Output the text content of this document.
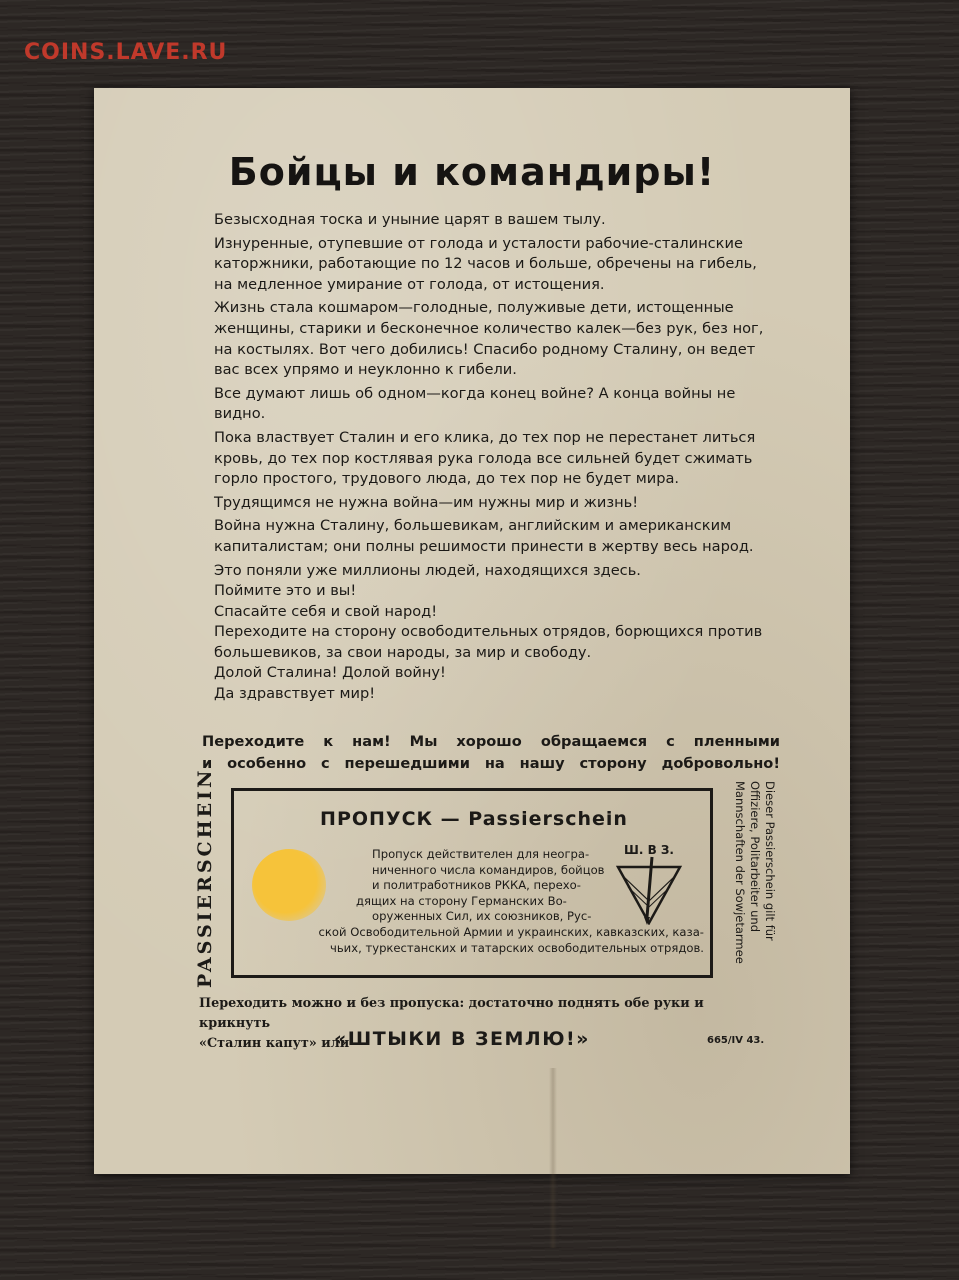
COINS.LAVE.RU
Бойцы и командиры!

Безысходная тоска и уныние царят в вашем тылу.

Изнуренные, отупевшие от голода и усталости рабочие-сталинские каторжники, работающие по 12 часов и больше, обречены на гибель, на медленное умирание от голода, от истощения.

Жизнь стала кошмаром—голодные, полуживые дети, истощенные женщины, старики и бесконечное количество калек—без рук, без ног, на костылях. Вот чего добились! Спасибо родному Сталину, он ведет вас всех упрямо и неуклонно к гибели.

Все думают лишь об одном—когда конец войне? А конца войны не видно.

Пока властвует Сталин и его клика, до тех пор не перестанет литься кровь, до тех пор костлявая рука голода все сильней будет сжимать горло простого, трудового люда, до тех пор не будет мира.

Трудящимся не нужна война—им нужны мир и жизнь!

Война нужна Сталину, большевикам, английским и американским капиталистам; они полны решимости принести в жертву весь народ.

Это поняли уже миллионы людей, находящихся здесь.

Поймите это и вы!

Спасайте себя и свой народ!

Переходите на сторону освободительных отрядов, борющихся против большевиков, за свои народы, за мир и свободу.

Долой Сталина! Долой войну!

Да здравствует мир!

Переходите к нам! Мы хорошо обращаемся с пленными
и особенно с перешедшими на нашу сторону добровольно!
PASSIERSCHEIN	ПРОПУСК — Passierschein
Пропуск действителен для неогра-
ниченного числа командиров, бойцов
и политработников РККА, перехо-
дящих на сторону Германских Во-
оруженных Сил, их союзников, Рус-
ской Освободительной Армии и украинских, кавказских, каза-
чьих, туркестанских и татарских освободительных отрядов.
Ш. В З.	Dieser Passierschein gilt für Offiziere, Politarbeiter und Mannschaften der Sowjetarmee
Переходить можно и без пропуска: достаточно поднять обе руки и крикнуть
«Сталин капут» или
«ШТЫКИ В ЗЕМЛЮ!»	665/IV 43.
